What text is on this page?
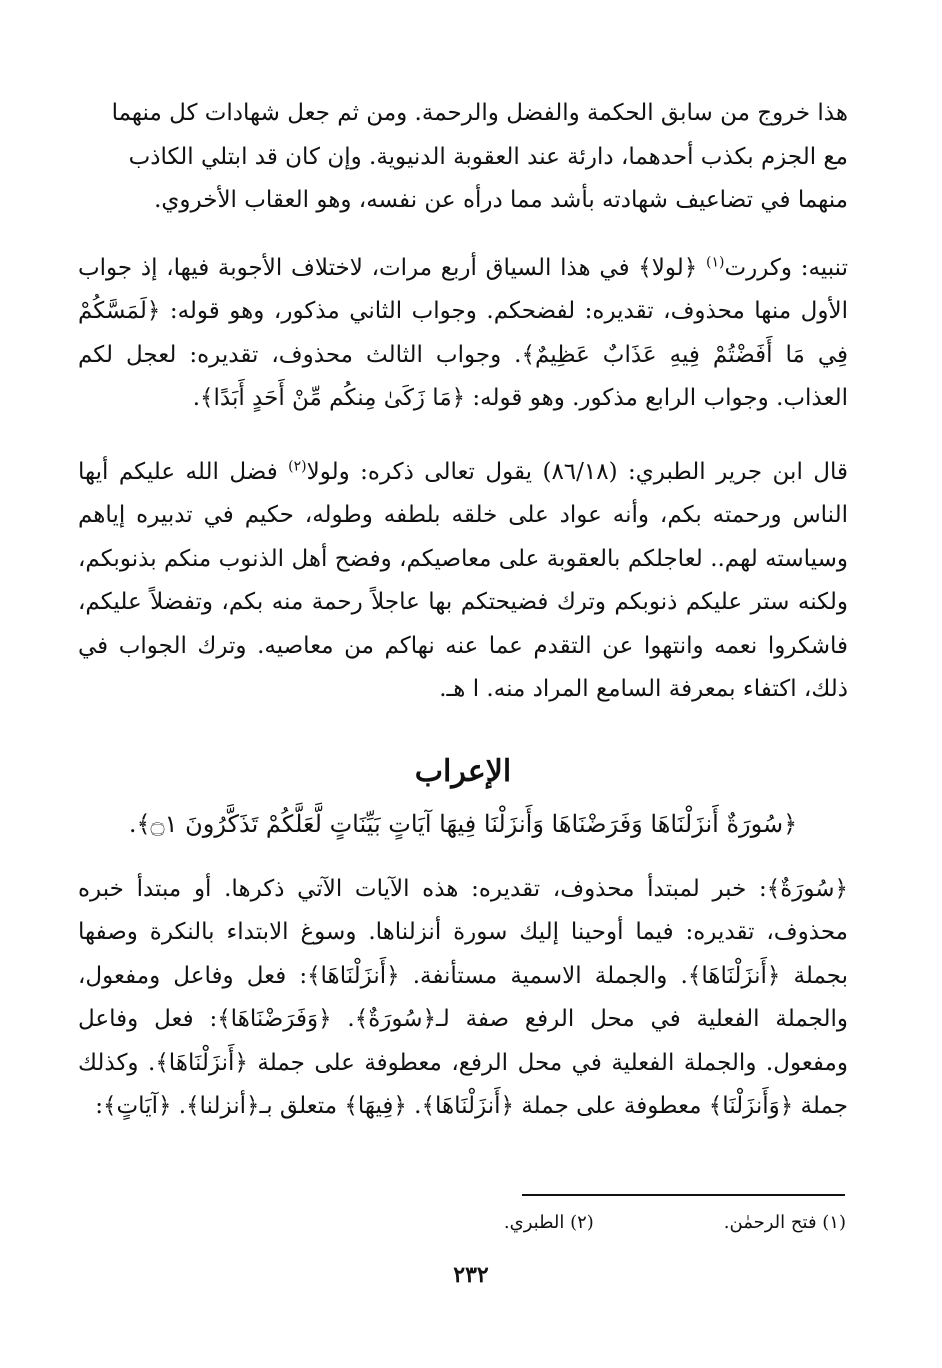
هذا خروج من سابق الحكمة والفضل والرحمة. ومن ثم جعل شهادات كل منهما

مع الجزم بكذب أحدهما، دارئة عند العقوبة الدنيوية. وإن كان قد ابتلي الكاذب

منهما في تضاعيف شهادته بأشد مما درأه عن نفسه، وهو العقاب الأخروي.

تنبيه: وكررت$^{(١)}$ ﴿لولا﴾ في هذا السياق أربع مرات، لاختلاف الأجوبة فيها، إذ جواب الأول منها محذوف، تقديره: لفضحكم. وجواب الثاني مذكور، وهو قوله: ﴿لَمَسَّكُمْ فِي مَا أَفَضْتُمْ فِيهِ عَذَابٌ عَظِيمٌ﴾. وجواب الثالث محذوف، تقديره: لعجل لكم العذاب. وجواب الرابع مذكور. وهو قوله: ﴿مَا زَكَىٰ مِنكُم مِّنْ أَحَدٍ أَبَدًا﴾.

قال ابن جرير الطبري: (٨٦/١٨) يقول تعالى ذكره: ولولا$^{(٢)}$ فضل الله عليكم أيها الناس ورحمته بكم، وأنه عواد على خلقه بلطفه وطوله، حكيم في تدبيره إياهم وسياسته لهم.. لعاجلكم بالعقوبة على معاصيكم، وفضح أهل الذنوب منكم بذنوبكم، ولكنه ستر عليكم ذنوبكم وترك فضيحتكم بها عاجلاً رحمة منه بكم، وتفضلاً عليكم، فاشكروا نعمه وانتهوا عن التقدم عما عنه نهاكم من معاصيه. وترك الجواب في ذلك، اكتفاء بمعرفة السامع المراد منه. ا هـ.

الإعراب
﴿سُورَةٌ أَنزَلْنَاهَا وَفَرَضْنَاهَا وَأَنزَلْنَا فِيهَا آيَاتٍ بَيِّنَاتٍ لَّعَلَّكُمْ تَذَكَّرُونَ ۝١﴾.

﴿سُورَةٌ﴾: خبر لمبتدأ محذوف، تقديره: هذه الآيات الآتي ذكرها. أو مبتدأ خبره محذوف، تقديره: فيما أوحينا إليك سورة أنزلناها. وسوغ الابتداء بالنكرة وصفها بجملة ﴿أَنزَلْنَاهَا﴾. والجملة الاسمية مستأنفة. ﴿أَنزَلْنَاهَا﴾: فعل وفاعل ومفعول، والجملة الفعلية في محل الرفع صفة لـ﴿سُورَةٌ﴾. ﴿وَفَرَضْنَاهَا﴾: فعل وفاعل ومفعول. والجملة الفعلية في محل الرفع، معطوفة على جملة ﴿أَنزَلْنَاهَا﴾. وكذلك جملة ﴿وَأَنزَلْنَا﴾ معطوفة على جملة ﴿أَنزَلْنَاهَا﴾. ﴿فِيهَا﴾ متعلق بـ﴿أنزلنا﴾. ﴿آيَاتٍ﴾:

(١) فتح الرحمٰن.
(٢) الطبري.
٢٣٢
